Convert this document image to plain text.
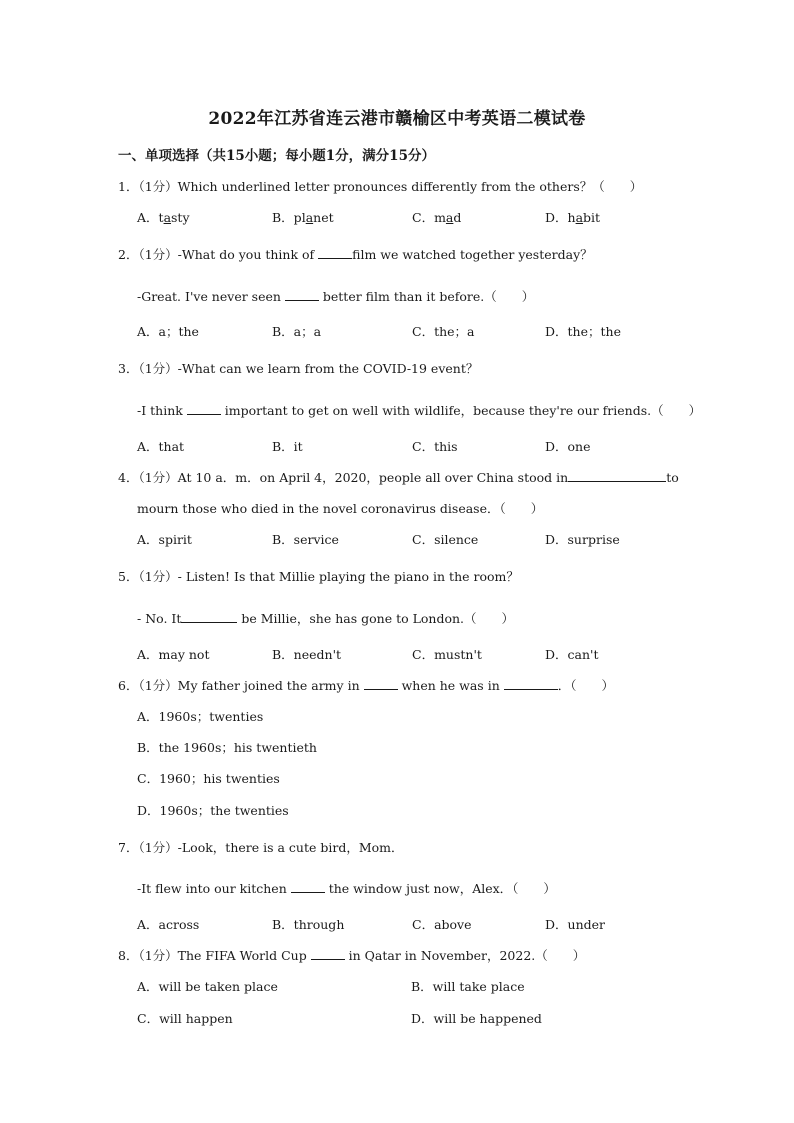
2022年江苏省连云港市赣榆区中考英语二模试卷
一、单项选择（共15小题；每小题1分，满分15分）
1．（1分）Which underlined letter pronounces differently from the others？（　　）
A．tasty	B．planet	C．mad	D．habit
2．（1分）-What do you think of	film we watched together yesterday？
-Great. I've never seen	better film than it before.（　　）
A．a；the	B．a；a	C．the；a	D．the；the
3．（1分）-What can we learn from the COVID-19 event？
-I think	important to get on well with wildlife，because they're our friends.（　　）
A．that	B．it	C．this	D．one
4．（1分）At 10 a．m．on April 4，2020，people all over China stood in	to
mourn those who died in the novel coronavirus disease．（　　）
A．spirit	B．service	C．silence	D．surprise
5．（1分）- Listen! Is that Millie playing the piano in the room？
- No. It	be Millie，she has gone to London.（　　）
A．may not	B．needn't	C．mustn't	D．can't
6．（1分）My father joined the army in	when he was in	．（　　）
A．1960s；twenties
B．the 1960s；his twentieth
C．1960；his twenties
D．1960s；the twenties
7．（1分）-Look，there is a cute bird，Mom．
-It flew into our kitchen	the window just now，Alex．（　　）
A．across	B．through	C．above	D．under
8．（1分）The FIFA World Cup	in Qatar in November，2022.（　　）
A．will be taken place	B．will take place
C．will happen	D．will be happened
